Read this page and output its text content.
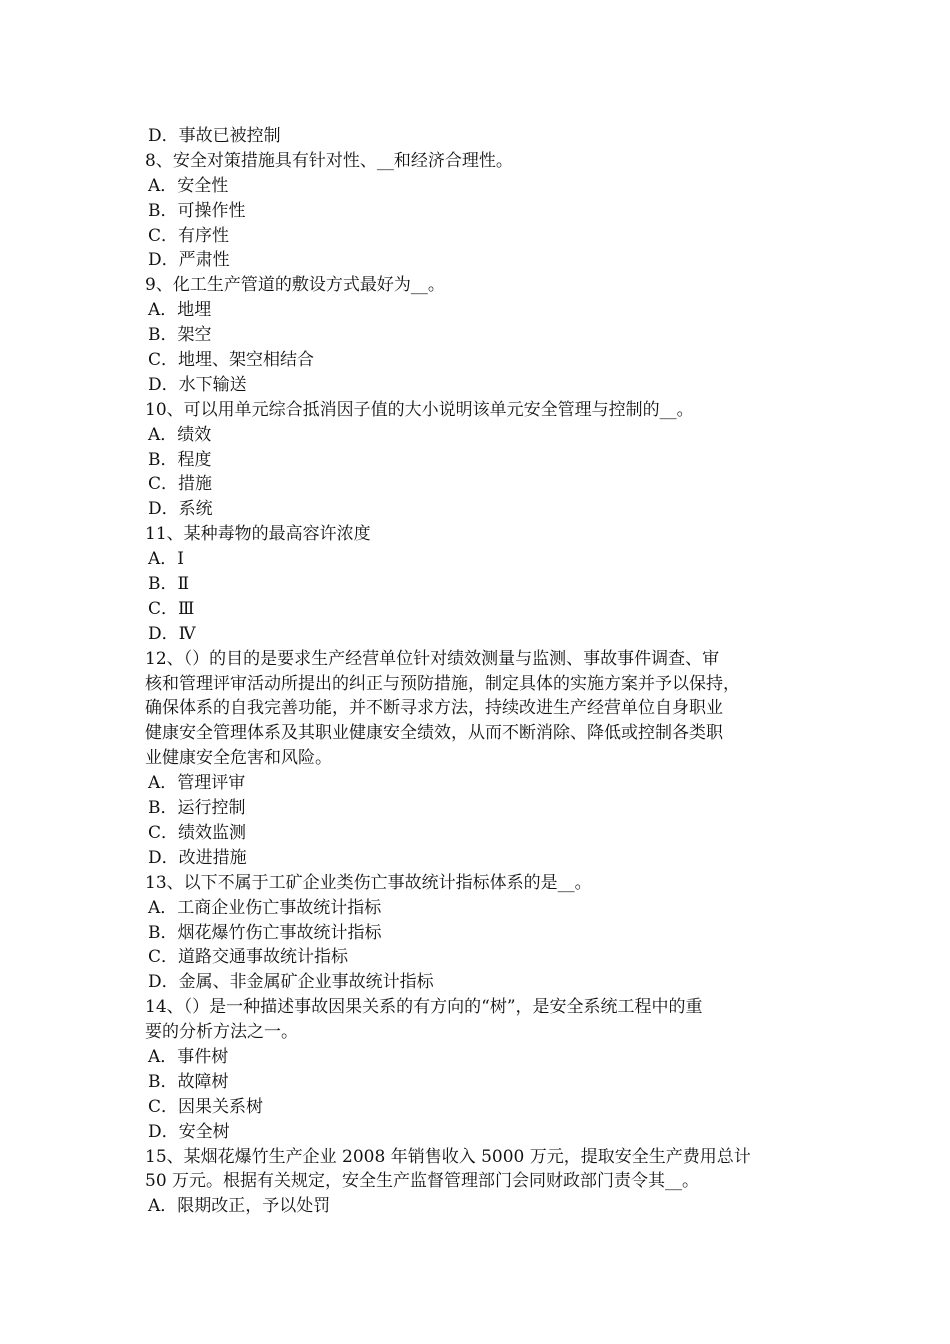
D．事故已被控制
8、安全对策措施具有针对性、__和经济合理性。
A．安全性
B．可操作性
C．有序性
D．严肃性
9、化工生产管道的敷设方式最好为__。
A．地埋
B．架空
C．地埋、架空相结合
D．水下输送
10、可以用单元综合抵消因子值的大小说明该单元安全管理与控制的__。
A．绩效
B．程度
C．措施
D．系统
11、某种毒物的最高容许浓度
A．Ⅰ
B．Ⅱ
C．Ⅲ
D．Ⅳ
12、（）的目的是要求生产经营单位针对绩效测量与监测、事故事件调查、审
核和管理评审活动所提出的纠正与预防措施，制定具体的实施方案并予以保持，
确保体系的自我完善功能，并不断寻求方法，持续改进生产经营单位自身职业
健康安全管理体系及其职业健康安全绩效，从而不断消除、降低或控制各类职
业健康安全危害和风险。
A．管理评审
B．运行控制
C．绩效监测
D．改进措施
13、以下不属于工矿企业类伤亡事故统计指标体系的是__。
A．工商企业伤亡事故统计指标
B．烟花爆竹伤亡事故统计指标
C．道路交通事故统计指标
D．金属、非金属矿企业事故统计指标
14、（）是一种描述事故因果关系的有方向的“树”，是安全系统工程中的重
要的分析方法之一。
A．事件树
B．故障树
C．因果关系树
D．安全树
15、某烟花爆竹生产企业 2008 年销售收入 5000 万元，提取安全生产费用总计
50 万元。根据有关规定，安全生产监督管理部门会同财政部门责令其__。
A．限期改正，予以处罚
